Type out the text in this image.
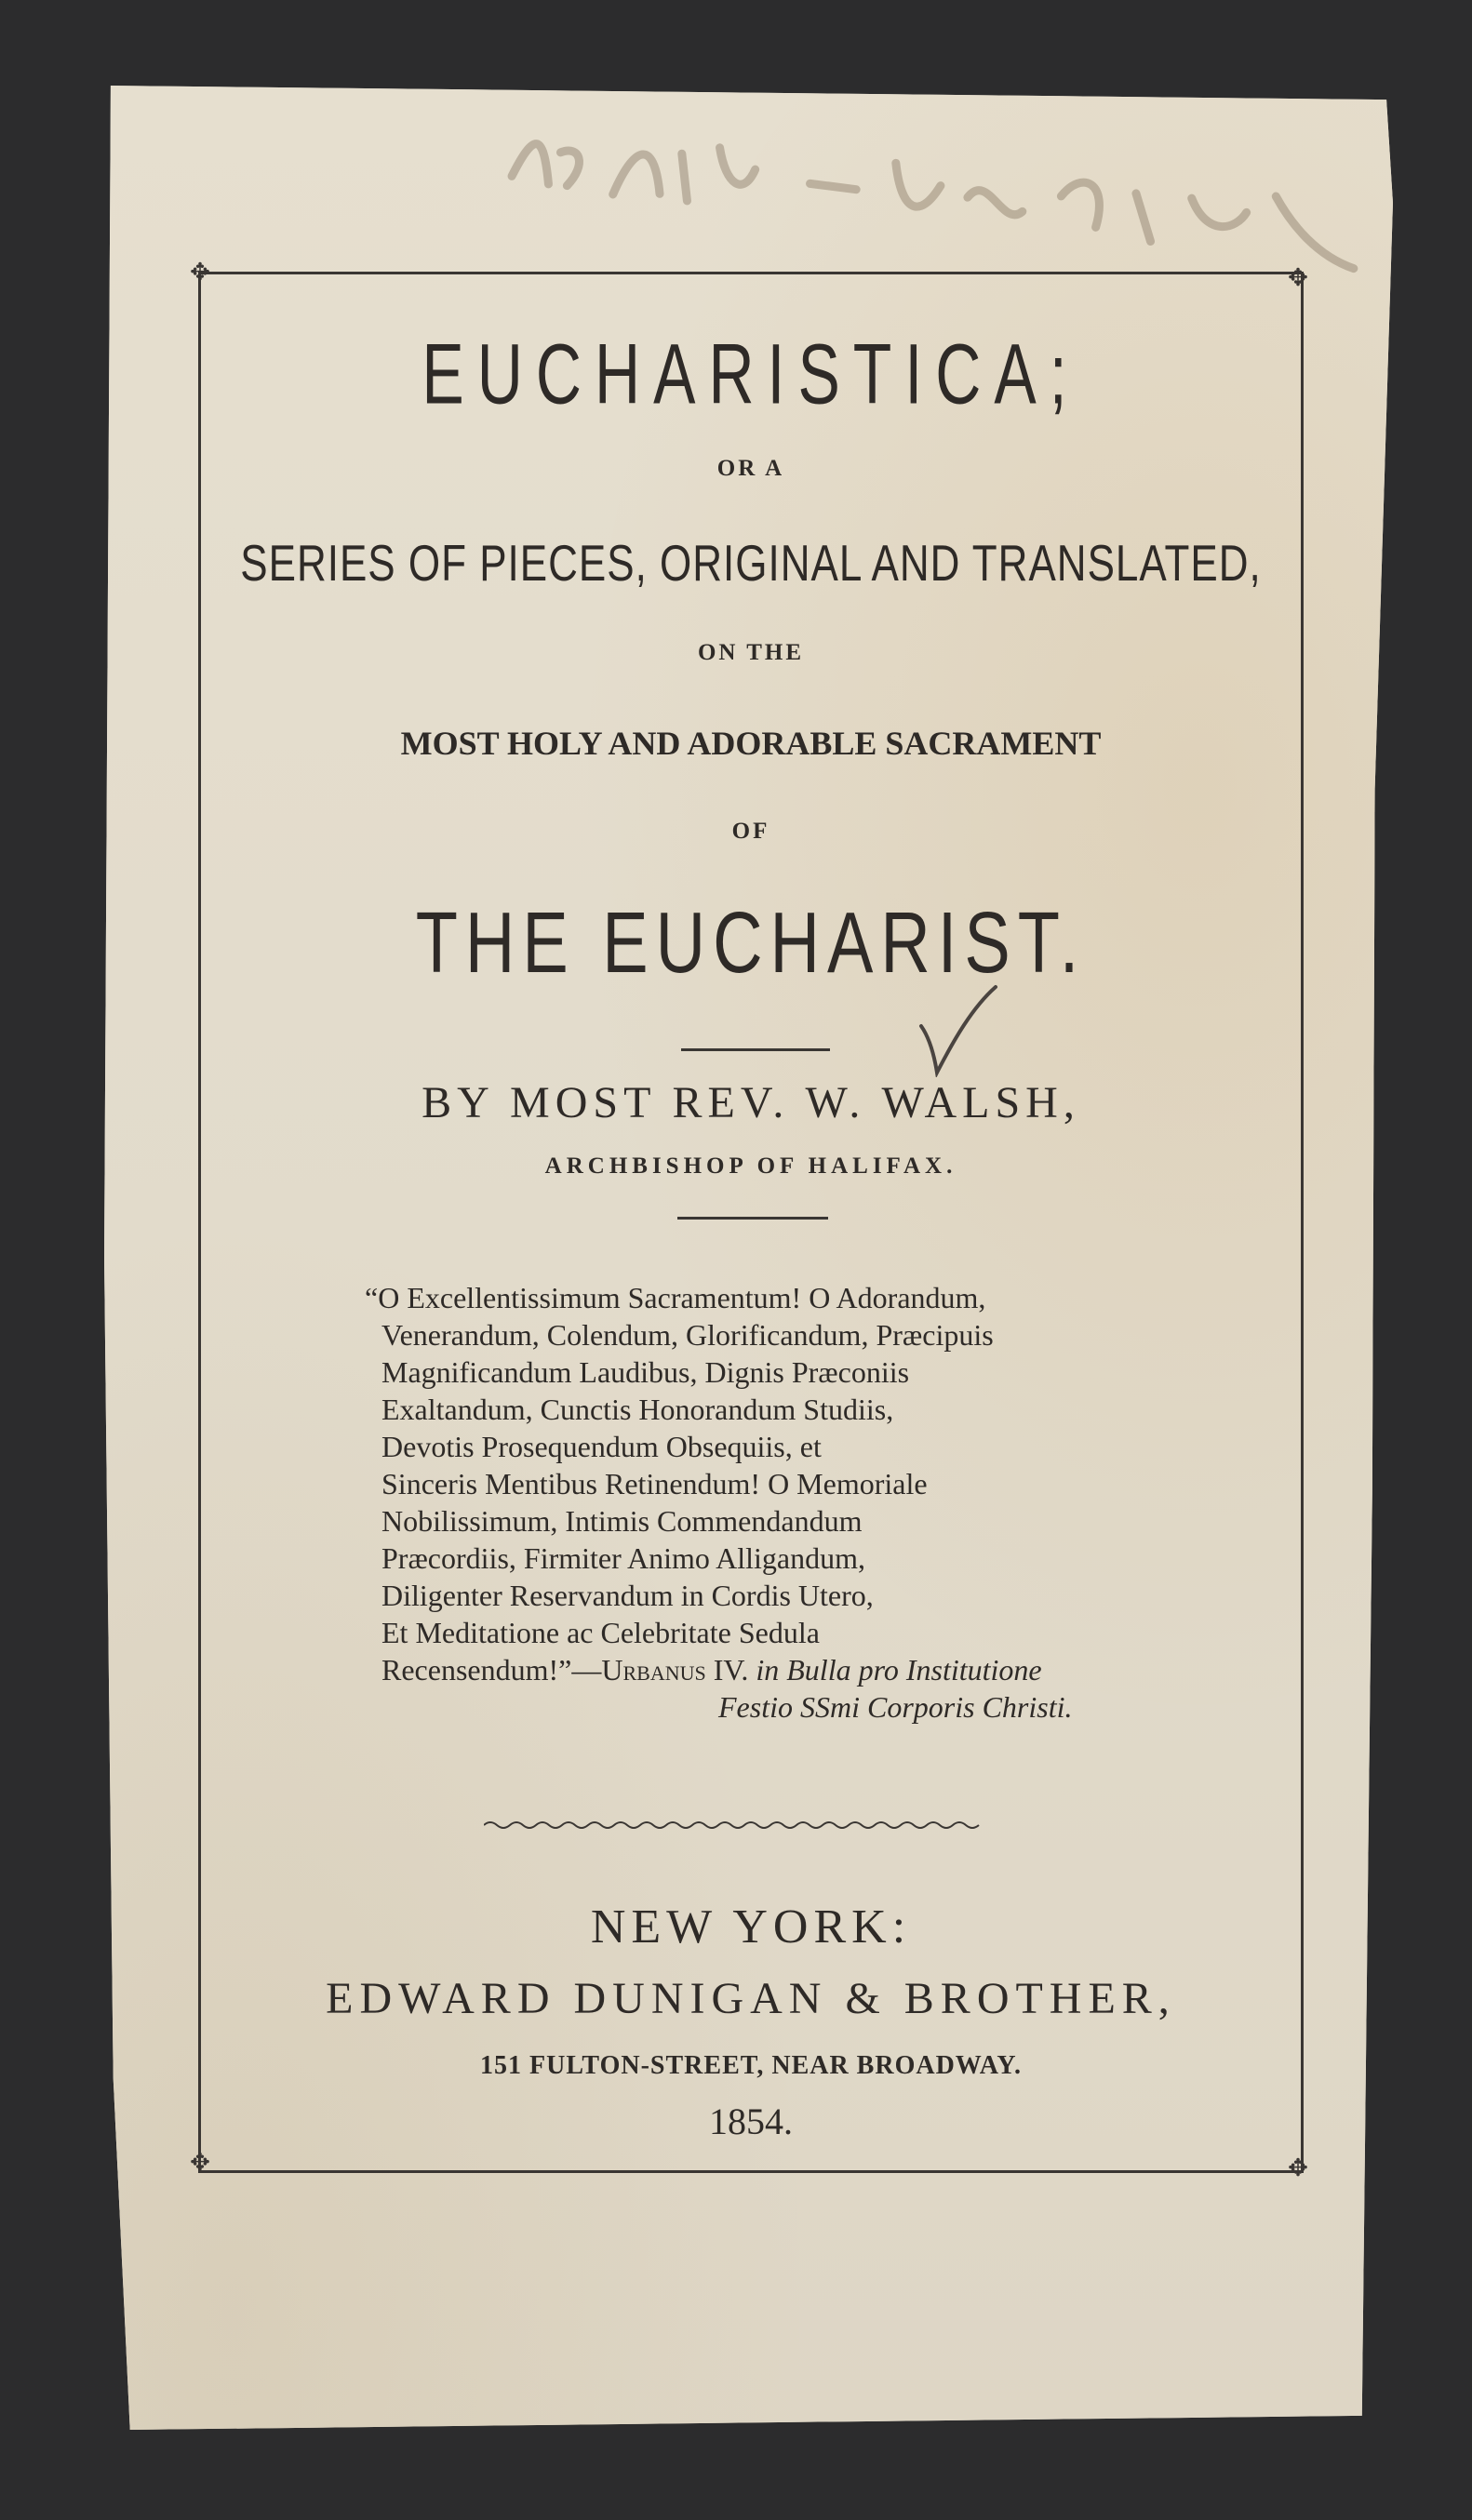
✥	✥
✥	✥
EUCHARISTICA;
OR A
SERIES OF PIECES, ORIGINAL AND TRANSLATED,
ON THE
MOST HOLY AND ADORABLE SACRAMENT
OF
THE EUCHARIST.
BY MOST REV. W. WALSH,
ARCHBISHOP OF HALIFAX.
“O Excellentissimum Sacramentum! O Adorandum,
Venerandum, Colendum, Glorificandum, Præcipuis
Magnificandum Laudibus, Dignis Præconiis
Exaltandum, Cunctis Honorandum Studiis,
Devotis Prosequendum Obsequiis, et
Sinceris Mentibus Retinendum! O Memoriale
Nobilissimum, Intimis Commendandum
Præcordiis, Firmiter Animo Alligandum,
Diligenter Reservandum in Cordis Utero,
Et Meditatione ac Celebritate Sedula
Recensendum!”—Urbanus IV. in Bulla pro Institutione
Festio SSmi Corporis Christi.
NEW YORK:
EDWARD DUNIGAN & BROTHER,
151 FULTON-STREET, NEAR BROADWAY.
1854.
